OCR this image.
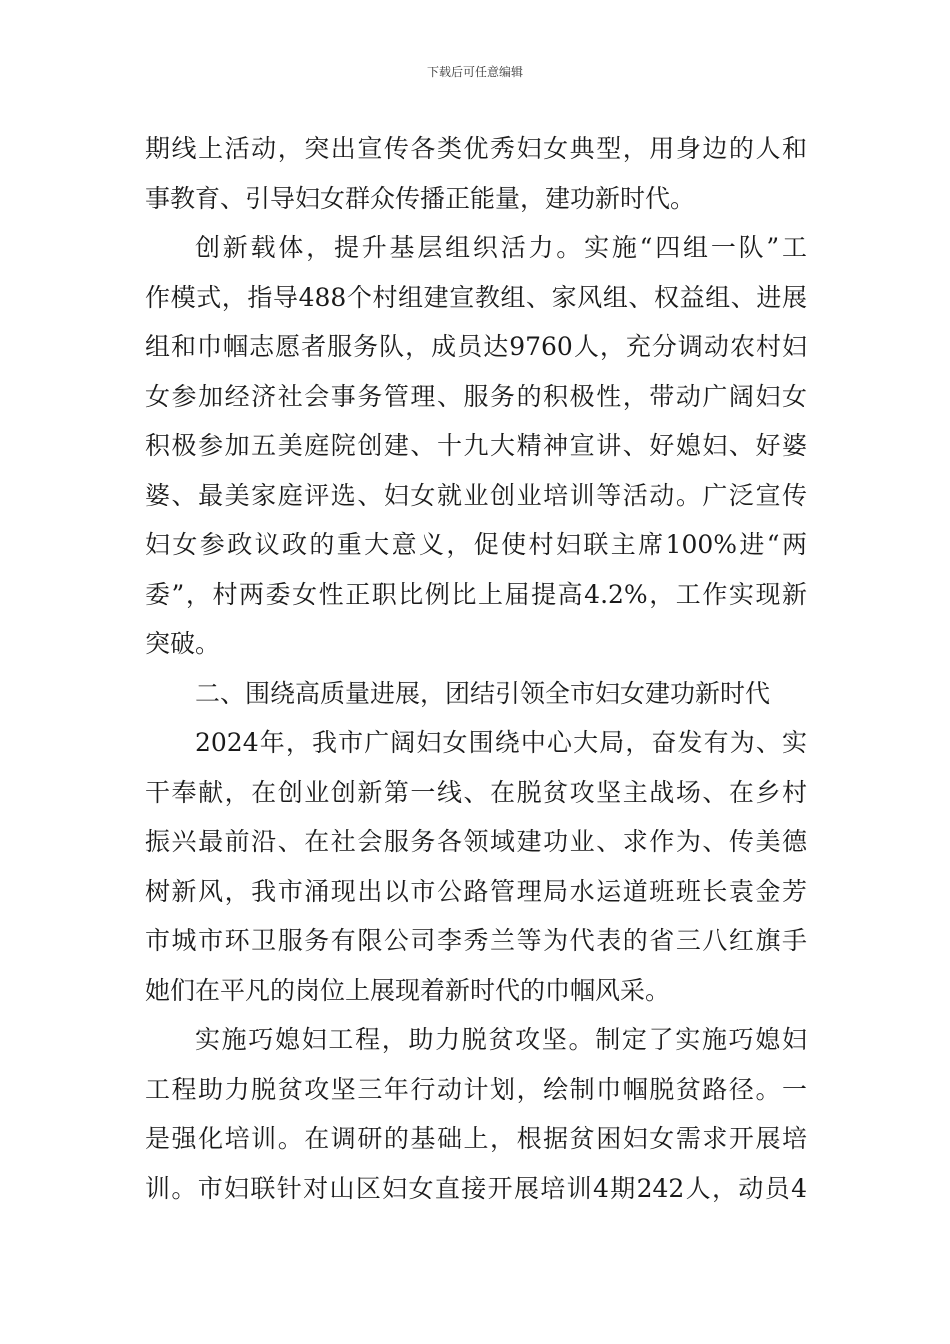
下载后可任意编辑
期线上活动，突出宣传各类优秀妇女典型，用身边的人和
事教育、引导妇女群众传播正能量，建功新时代。
创新载体，提升基层组织活力。实施“四组一队”工
作模式，指导488个村组建宣教组、家风组、权益组、进展
组和巾帼志愿者服务队，成员达9760人，充分调动农村妇
女参加经济社会事务管理、服务的积极性，带动广阔妇女
积极参加五美庭院创建、十九大精神宣讲、好媳妇、好婆
婆、最美家庭评选、妇女就业创业培训等活动。广泛宣传
妇女参政议政的重大意义，促使村妇联主席100%进“两
委”，村两委女性正职比例比上届提高4.2%，工作实现新
突破。
二、围绕高质量进展，团结引领全市妇女建功新时代
2024年，我市广阔妇女围绕中心大局，奋发有为、实
干奉献，在创业创新第一线、在脱贫攻坚主战场、在乡村
振兴最前沿、在社会服务各领域建功业、求作为、传美德
树新风，我市涌现出以市公路管理局水运道班班长袁金芳
市城市环卫服务有限公司李秀兰等为代表的省三八红旗手
她们在平凡的岗位上展现着新时代的巾帼风采。
实施巧媳妇工程，助力脱贫攻坚。制定了实施巧媳妇
工程助力脱贫攻坚三年行动计划，绘制巾帼脱贫路径。一
是强化培训。在调研的基础上，根据贫困妇女需求开展培
训。市妇联针对山区妇女直接开展培训4期242人，动员4
